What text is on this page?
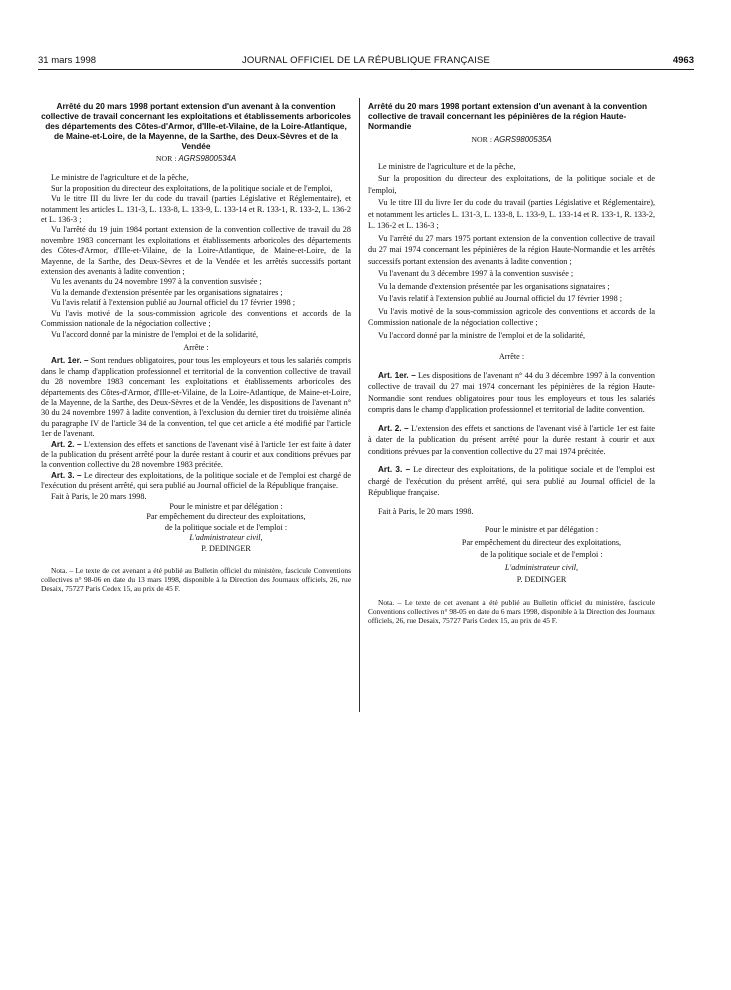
JOURNAL OFFICIEL DE LA RÉPUBLIQUE FRANÇAISE
31 mars 1998	4963
Arrêté du 20 mars 1998 portant extension d'un avenant à la convention collective de travail concernant les exploitations et établissements arboricoles des départements des Côtes-d'Armor, d'Ille-et-Vilaine, de la Loire-Atlantique, de Maine-et-Loire, de la Mayenne, de la Sarthe, des Deux-Sèvres et de la Vendée
NOR : AGRS9800534A

Le ministre de l'agriculture et de la pêche,

Sur la proposition du directeur des exploitations, de la politique sociale et de l'emploi,

Vu le titre III du livre Ier du code du travail (parties Législative et Réglementaire), et notamment les articles L. 131-3, L. 133-8, L. 133-9, L. 133-14 et R. 133-1, R. 133-2, L. 136-2 et L. 136-3 ;

Vu l'arrêté du 19 juin 1984 portant extension de la convention collective de travail du 28 novembre 1983 concernant les exploitations et établissements arboricoles des départements des Côtes-d'Armor, d'Ille-et-Vilaine, de la Loire-Atlantique, de Maine-et-Loire, de la Mayenne, de la Sarthe, des Deux-Sèvres et de la Vendée et les arrêtés successifs portant extension des avenants à ladite convention ;

Vu les avenants du 24 novembre 1997 à la convention susvisée ;

Vu la demande d'extension présentée par les organisations signataires ;

Vu l'avis relatif à l'extension publié au Journal officiel du 17 février 1998 ;

Vu l'avis motivé de la sous-commission agricole des conventions et accords de la Commission nationale de la négociation collective ;

Vu l'accord donné par la ministre de l'emploi et de la solidarité,

Arrête :

Art. 1er. – Sont rendues obligatoires, pour tous les employeurs et tous les salariés compris dans le champ d'application professionnel et territorial de la convention collective de travail du 28 novembre 1983 concernant les exploitations et établissements arboricoles des départements des Côtes-d'Armor, d'Ille-et-Vilaine, de la Loire-Atlantique, de Maine-et-Loire, de la Mayenne, de la Sarthe, des Deux-Sèvres et de la Vendée, les dispositions de l'avenant n° 30 du 24 novembre 1997 à ladite convention, à l'exclusion du dernier tiret du troisième alinéa du paragraphe IV de l'article 34 de la convention, tel que cet article a été modifié par l'article 1er de l'avenant.

Art. 2. – L'extension des effets et sanctions de l'avenant visé à l'article 1er est faite à dater de la publication du présent arrêté pour la durée restant à courir et aux conditions prévues par la convention collective du 28 novembre 1983 précitée.

Art. 3. – Le directeur des exploitations, de la politique sociale et de l'emploi est chargé de l'exécution du présent arrêté, qui sera publié au Journal officiel de la République française.

Fait à Paris, le 20 mars 1998.

Pour le ministre et par délégation :

Par empêchement du directeur des exploitations,

de la politique sociale et de l'emploi :

L'administrateur civil,

P. DEDINGER

Nota. – Le texte de cet avenant a été publié au Bulletin officiel du ministère, fascicule Conventions collectives n° 98-06 en date du 13 mars 1998, disponible à la Direction des Journaux officiels, 26, rue Desaix, 75727 Paris Cedex 15, au prix de 45 F.

Arrêté du 20 mars 1998 portant extension d'un avenant à la convention collective de travail concernant les pépinières de la région Haute-Normandie
NOR : AGRS9800535A

Le ministre de l'agriculture et de la pêche,

Sur la proposition du directeur des exploitations, de la politique sociale et de l'emploi,

Vu le titre III du livre Ier du code du travail (parties Législative et Réglementaire), et notamment les articles L. 131-3, L. 133-8, L. 133-9, L. 133-14 et R. 133-1, R. 133-2, L. 136-2 et L. 136-3 ;

Vu l'arrêté du 27 mars 1975 portant extension de la convention collective de travail du 27 mai 1974 concernant les pépinières de la région Haute-Normandie et les arrêtés successifs portant extension des avenants à ladite convention ;

Vu l'avenant du 3 décembre 1997 à la convention susvisée ;

Vu la demande d'extension présentée par les organisations signataires ;

Vu l'avis relatif à l'extension publié au Journal officiel du 17 février 1998 ;

Vu l'avis motivé de la sous-commission agricole des conventions et accords de la Commission nationale de la négociation collective ;

Vu l'accord donné par la ministre de l'emploi et de la solidarité,

Arrête :

Art. 1er. – Les dispositions de l'avenant n° 44 du 3 décembre 1997 à la convention collective de travail du 27 mai 1974 concernant les pépinières de la région Haute-Normandie sont rendues obligatoires pour tous les employeurs et tous les salariés compris dans le champ d'application professionnel et territorial de ladite convention.

Art. 2. – L'extension des effets et sanctions de l'avenant visé à l'article 1er est faite à dater de la publication du présent arrêté pour la durée restant à courir et aux conditions prévues par la convention collective du 27 mai 1974 précitée.

Art. 3. – Le directeur des exploitations, de la politique sociale et de l'emploi est chargé de l'exécution du présent arrêté, qui sera publié au Journal officiel de la République française.

Fait à Paris, le 20 mars 1998.

Pour le ministre et par délégation :

Par empêchement du directeur des exploitations,

de la politique sociale et de l'emploi :

L'administrateur civil,

P. DEDINGER

Nota. – Le texte de cet avenant a été publié au Bulletin officiel du ministère, fascicule Conventions collectives n° 98-05 en date du 6 mars 1998, disponible à la Direction des Journaux officiels, 26, rue Desaix, 75727 Paris Cedex 15, au prix de 45 F.
